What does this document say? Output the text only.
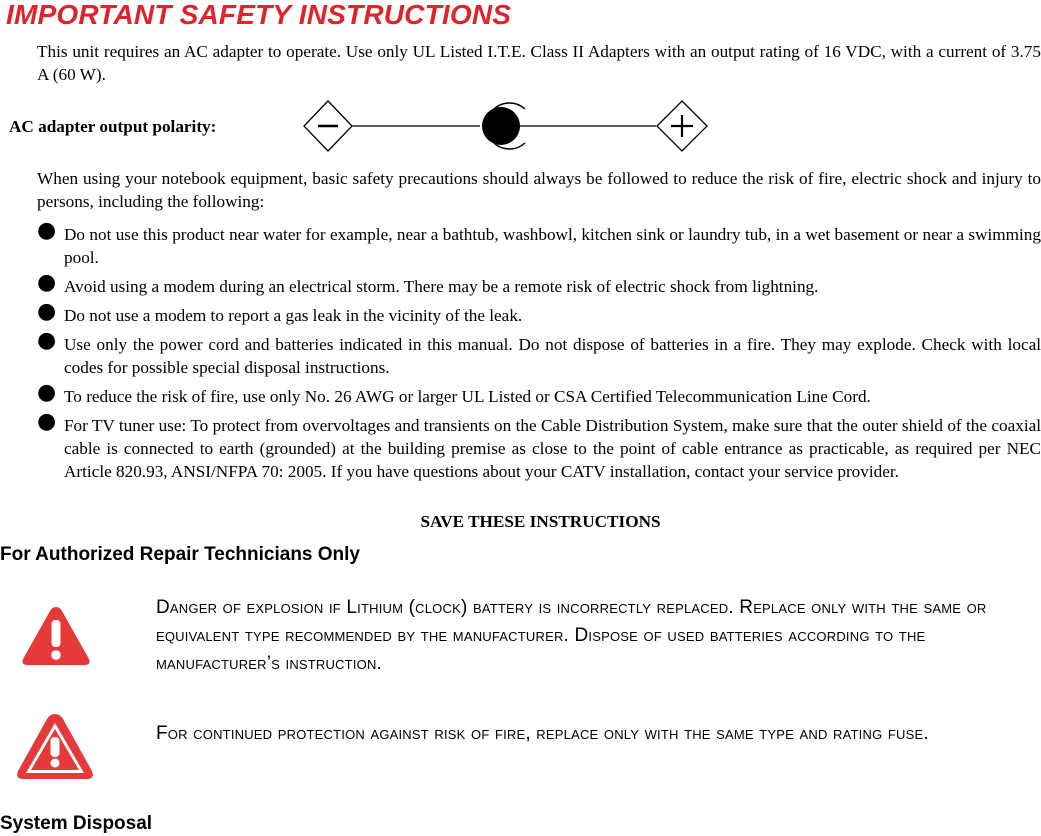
IMPORTANT SAFETY INSTRUCTIONS
This unit requires an AC adapter to operate. Use only UL Listed I.T.E. Class II Adapters with an output rating of 16 VDC, with a current of 3.75 A (60 W).
AC adapter output polarity:
When using your notebook equipment, basic safety precautions should always be followed to reduce the risk of fire, electric shock and injury to persons, including the following:
● Do not use this product near water for example, near a bathtub, washbowl, kitchen sink or laundry tub, in a wet basement or near a swimming pool.
● Avoid using a modem during an electrical storm. There may be a remote risk of electric shock from lightning.
● Do not use a modem to report a gas leak in the vicinity of the leak.
● Use only the power cord and batteries indicated in this manual. Do not dispose of batteries in a fire. They may explode. Check with local codes for possible special disposal instructions.
● To reduce the risk of fire, use only No. 26 AWG or larger UL Listed or CSA Certified Telecommunication Line Cord.
● For TV tuner use: To protect from overvoltages and transients on the Cable Distribution System, make sure that the outer shield of the coaxial cable is connected to earth (grounded) at the building premise as close to the point of cable entrance as practicable, as required per NEC Article 820.93, ANSI/NFPA 70: 2005. If you have questions about your CATV installation, contact your service provider.
SAVE THESE INSTRUCTIONS
For Authorized Repair Technicians Only
Danger of explosion if Lithium (clock) battery is incorrectly replaced. Replace only with the same or equivalent type recommended by the manufacturer. Dispose of used batteries according to the manufacturer’s instruction.
For continued protection against risk of fire, replace only with the same type and rating fuse.
System Disposal
